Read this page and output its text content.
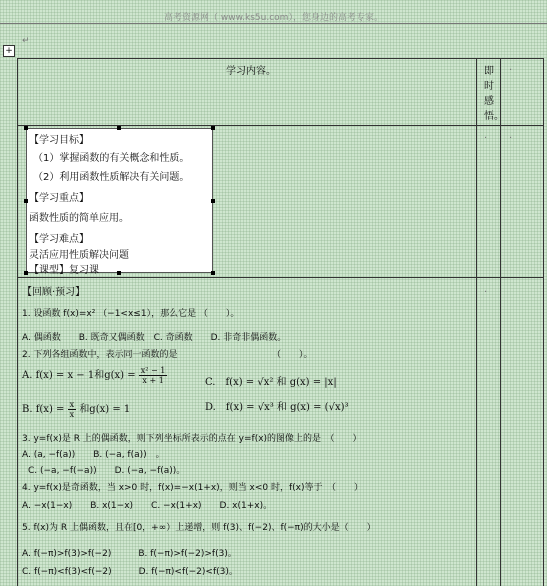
高考资源网（ www.ks5u.com），您身边的高考专家。
+
↵
学习内容。	即
时
感
悟。
.
. .
.
【学习目标】
（1）掌握函数的有关概念和性质。
（2）利用函数性质解决有关问题。
【学习重点】
函数性质的简单应用。
【学习难点】
灵活应用性质解决问题
【课型】复习课
【回顾·预习】
1. 设函数 f(x)=x² （−1<x≤1），那么它是 （　　）。
A. 偶函数　　B. 既奇又偶函数　C. 奇函数　　D. 非奇非偶函数。
2. 下列各组函数中，表示同一函数的是　　　　　　　　　　　（　　）。
A. f(x) = x − 1和$g(x) = \frac{\text{x² − 1}}{x + 1}$	C.　f(x) = √x² 和 g(x) = |x|
B. $f(x) = \frac{x}{x}$ 和g(x) = 1	D.　f(x) = √x³ 和 g(x) = (√x)³
3. y=f(x)是 R 上的偶函数，则下列坐标所表示的点在 y=f(x)的图像上的是　（　　）
A. (a, −f(a))　　B. (−a, f(a))　。
C. (−a, −f(−a))　　D. (−a, −f(a))。
4. y=f(x)是奇函数，当 x>0 时，f(x)=−x(1+x)，则当 x<0 时，f(x)等于　（　　）
A. −x(1−x)　　B. x(1−x)　　C. −x(1+x)　　D. x(1+x)。
5. f(x)为 R 上偶函数，且在[0，+∞）上递增，则 f(3)、f(−2)、f(−π)的大小是（　　）
A. f(−π)>f(3)>f(−2)　　　B. f(−π)>f(−2)>f(3)。
C. f(−π)<f(3)<f(−2)　　　D. f(−π)<f(−2)<f(3)。
